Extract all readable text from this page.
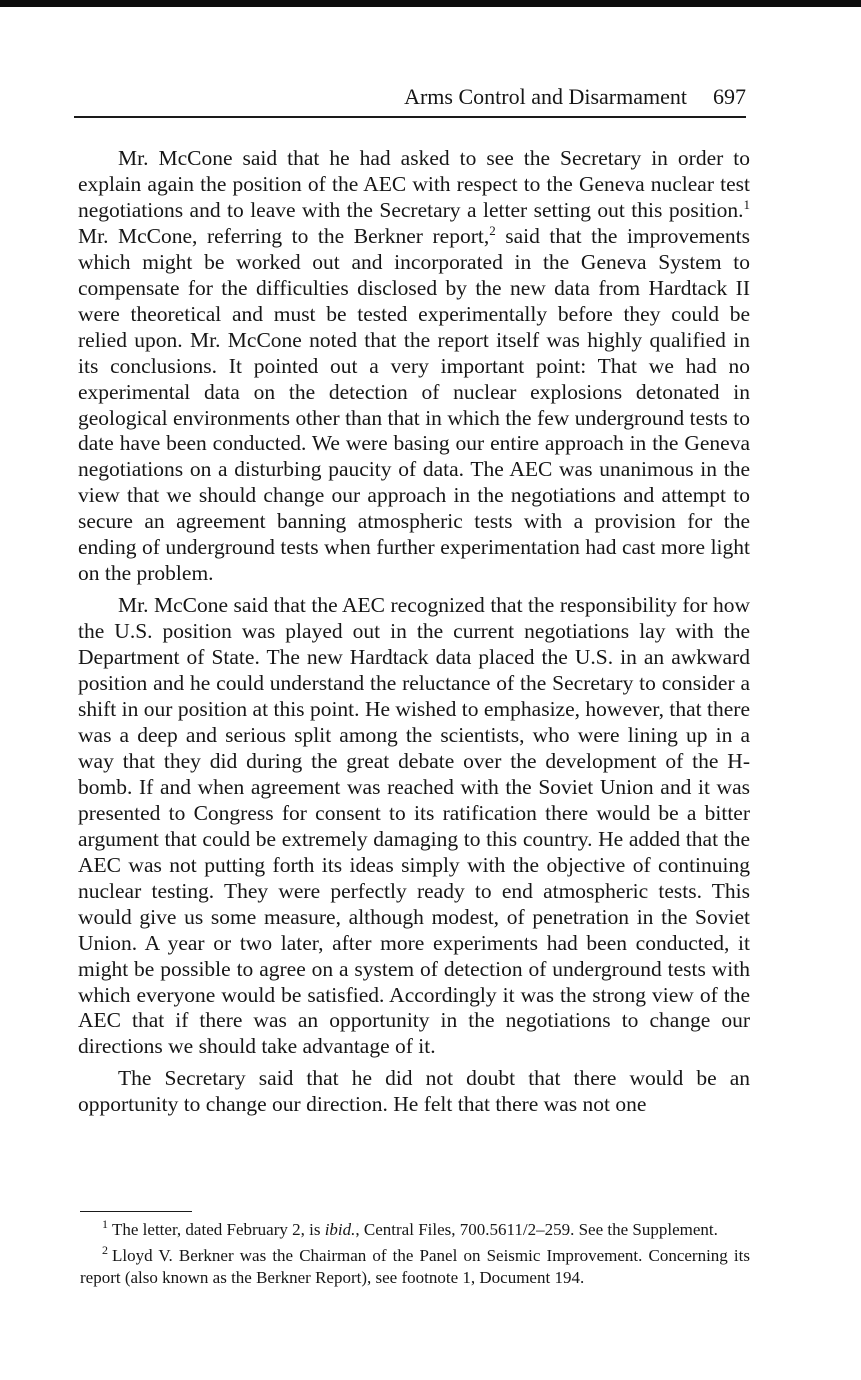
Arms Control and Disarmament 697

Mr. McCone said that he had asked to see the Secretary in order to explain again the position of the AEC with respect to the Geneva nuclear test negotiations and to leave with the Secretary a letter setting out this position.$^1$ Mr. McCone, referring to the Berkner report,$^2$ said that the improvements which might be worked out and incorporated in the Geneva System to compensate for the difficulties disclosed by the new data from Hardtack II were theoretical and must be tested experimentally before they could be relied upon. Mr. McCone noted that the report itself was highly qualified in its conclusions. It pointed out a very important point: That we had no experimental data on the detection of nuclear explosions detonated in geological environments other than that in which the few underground tests to date have been conducted. We were basing our entire approach in the Geneva negotiations on a disturbing paucity of data. The AEC was unanimous in the view that we should change our approach in the negotiations and attempt to secure an agreement banning atmospheric tests with a provision for the ending of underground tests when further experimentation had cast more light on the problem.

Mr. McCone said that the AEC recognized that the responsibility for how the U.S. position was played out in the current negotiations lay with the Department of State. The new Hardtack data placed the U.S. in an awkward position and he could understand the reluctance of the Secretary to consider a shift in our position at this point. He wished to emphasize, however, that there was a deep and serious split among the scientists, who were lining up in a way that they did during the great debate over the development of the H-bomb. If and when agreement was reached with the Soviet Union and it was presented to Congress for consent to its ratification there would be a bitter argument that could be extremely damaging to this country. He added that the AEC was not putting forth its ideas simply with the objective of continuing nuclear testing. They were perfectly ready to end atmospheric tests. This would give us some measure, although modest, of penetration in the Soviet Union. A year or two later, after more experiments had been conducted, it might be possible to agree on a system of detection of underground tests with which everyone would be satisfied. Accordingly it was the strong view of the AEC that if there was an opportunity in the negotiations to change our directions we should take advantage of it.

The Secretary said that he did not doubt that there would be an opportunity to change our direction. He felt that there was not one

$^1$ The letter, dated February 2, is ibid., Central Files, 700.5611/2–259. See the Supplement.

$^2$ Lloyd V. Berkner was the Chairman of the Panel on Seismic Improvement. Concerning its report (also known as the Berkner Report), see footnote 1, Document 194.
